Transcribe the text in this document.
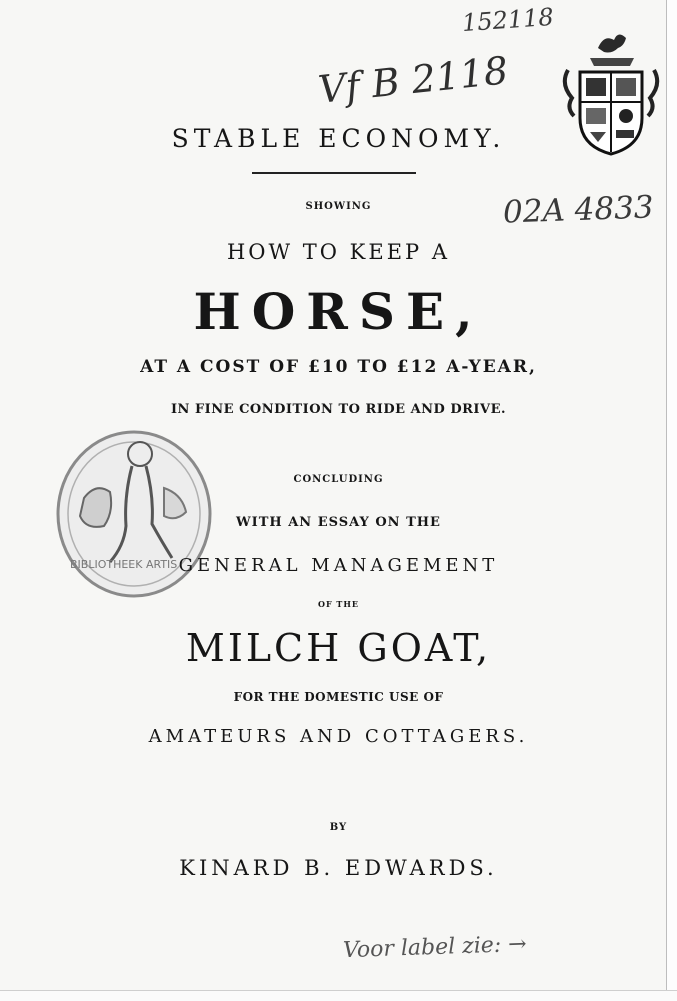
152118
Vf B 2118
02A 4833
BIBLIOTHEEK ARTIS
STABLE ECONOMY.
SHOWING
HOW TO KEEP A
HORSE,
AT A COST OF £10 TO £12 A-YEAR,
IN FINE CONDITION TO RIDE AND DRIVE.
CONCLUDING
WITH AN ESSAY ON THE
GENERAL MANAGEMENT
OF THE
MILCH GOAT,
FOR THE DOMESTIC USE OF
AMATEURS AND COTTAGERS.
BY
KINARD B. EDWARDS.
Voor label zie: →
